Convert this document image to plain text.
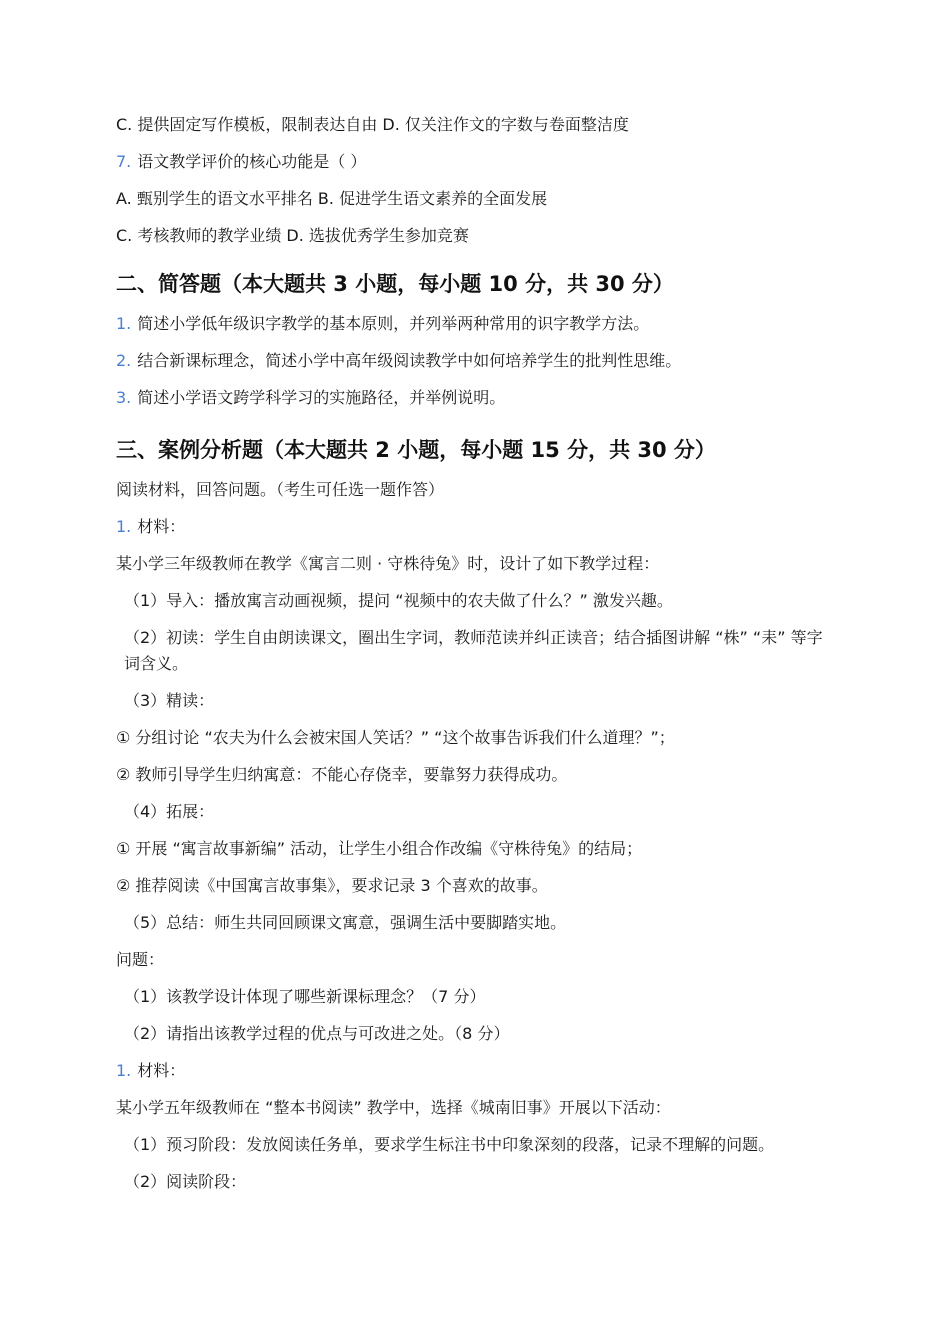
C. 提供固定写作模板，限制表达自由 D. 仅关注作文的字数与卷面整洁度

7. 语文教学评价的核心功能是（ ）

A. 甄别学生的语文水平排名 B. 促进学生语文素养的全面发展

C. 考核教师的教学业绩 D. 选拔优秀学生参加竞赛

二、简答题（本大题共 3 小题，每小题 10 分，共 30 分）

1. 简述小学低年级识字教学的基本原则，并列举两种常用的识字教学方法。

2. 结合新课标理念，简述小学中高年级阅读教学中如何培养学生的批判性思维。

3. 简述小学语文跨学科学习的实施路径，并举例说明。

三、案例分析题（本大题共 2 小题，每小题 15 分，共 30 分）

阅读材料，回答问题。（考生可任选一题作答）

1. 材料：

某小学三年级教师在教学《寓言二则 · 守株待兔》时，设计了如下教学过程：

（1）导入：播放寓言动画视频，提问 “视频中的农夫做了什么？” 激发兴趣。

（2）初读：学生自由朗读课文，圈出生字词，教师范读并纠正读音；结合插图讲解 “株” “耒” 等字词含义。

（3）精读：

① 分组讨论 “农夫为什么会被宋国人笑话？” “这个故事告诉我们什么道理？”；

② 教师引导学生归纳寓意：不能心存侥幸，要靠努力获得成功。

（4）拓展：

① 开展 “寓言故事新编” 活动，让学生小组合作改编《守株待兔》的结局；

② 推荐阅读《中国寓言故事集》，要求记录 3 个喜欢的故事。

（5）总结：师生共同回顾课文寓意，强调生活中要脚踏实地。

问题：

（1）该教学设计体现了哪些新课标理念？（7 分）

（2）请指出该教学过程的优点与可改进之处。（8 分）

1. 材料：

某小学五年级教师在 “整本书阅读” 教学中，选择《城南旧事》开展以下活动：

（1）预习阶段：发放阅读任务单，要求学生标注书中印象深刻的段落，记录不理解的问题。

（2）阅读阶段：
